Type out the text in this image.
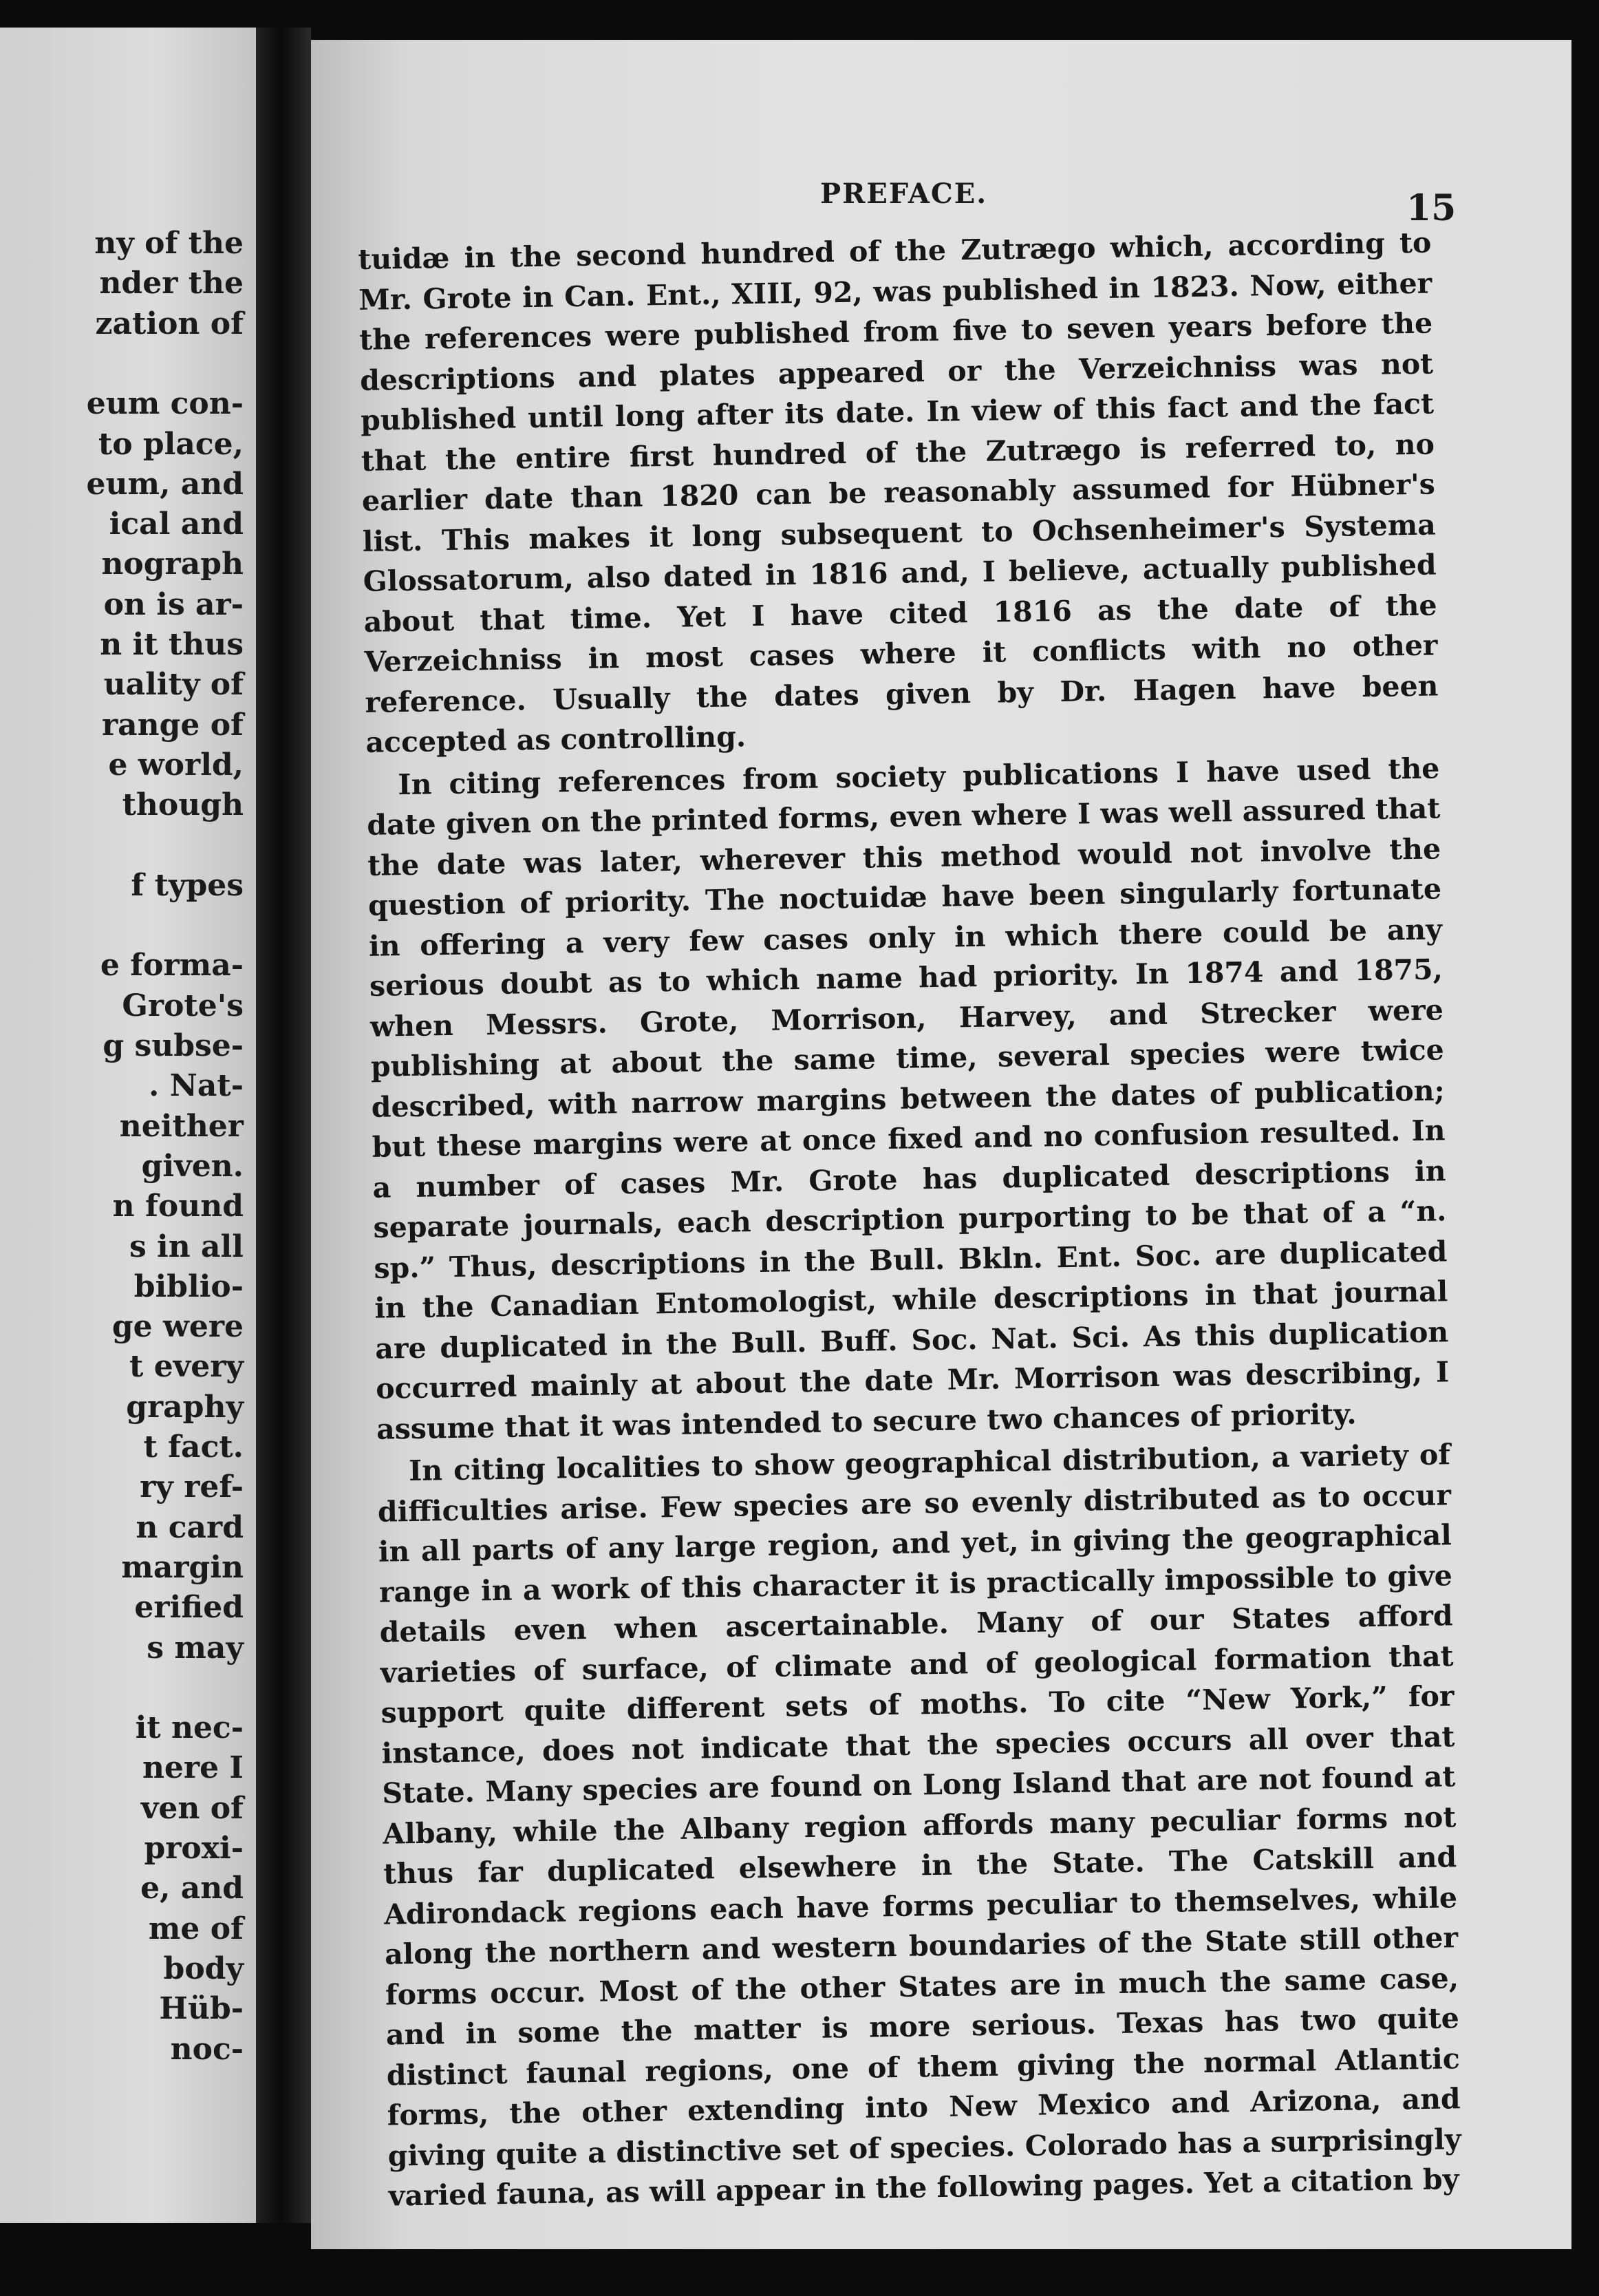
ny of the
nder the
zation of
eum con-
to place,
eum, and
ical and
nograph
on is ar-
n it thus
uality of
range of
e world,
though
f types
e forma-
Grote's
g subse-
. Nat-
neither
given.
n found
s in all
biblio-
ge were
t every
graphy
t fact.
ry ref-
n card
margin
erified
s may
it nec-
nere I
ven of
proxi-
e, and
me of
body
Hüb-
noc-
PREFACE.	15

tuidæ in the second hundred of the Zutrægo which, according to Mr. Grote in Can. Ent., XIII, 92, was published in 1823. Now, either the references were published from five to seven years before the descriptions and plates appeared or the Verzeichniss was not published until long after its date. In view of this fact and the fact that the entire first hundred of the Zutrægo is referred to, no earlier date than 1820 can be reasonably assumed for Hübner's list. This makes it long subsequent to Ochsenheimer's Systema Glossatorum, also dated in 1816 and, I believe, actually published about that time. Yet I have cited 1816 as the date of the Verzeichniss in most cases where it conflicts with no other reference. Usually the dates given by Dr. Hagen have been accepted as controlling.

In citing references from society publications I have used the date given on the printed forms, even where I was well assured that the date was later, wherever this method would not involve the question of priority. The noctuidæ have been singularly fortunate in offering a very few cases only in which there could be any serious doubt as to which name had priority. In 1874 and 1875, when Messrs. Grote, Morrison, Harvey, and Strecker were publishing at about the same time, several species were twice described, with narrow margins between the dates of publication; but these margins were at once fixed and no confusion resulted. In a number of cases Mr. Grote has duplicated descriptions in separate journals, each description purporting to be that of a “n. sp.” Thus, descriptions in the Bull. Bkln. Ent. Soc. are duplicated in the Canadian Entomologist, while descriptions in that journal are duplicated in the Bull. Buff. Soc. Nat. Sci. As this duplication occurred mainly at about the date Mr. Morrison was describing, I assume that it was intended to secure two chances of priority.

In citing localities to show geographical distribution, a variety of difficulties arise. Few species are so evenly distributed as to occur in all parts of any large region, and yet, in giving the geographical range in a work of this character it is practically impossible to give details even when ascertainable. Many of our States afford varieties of surface, of climate and of geological formation that support quite different sets of moths. To cite “New York,” for instance, does not indicate that the species occurs all over that State. Many species are found on Long Island that are not found at Albany, while the Albany region affords many peculiar forms not thus far duplicated elsewhere in the State. The Catskill and Adirondack regions each have forms peculiar to themselves, while along the northern and western boundaries of the State still other forms occur. Most of the other States are in much the same case, and in some the matter is more serious. Texas has two quite distinct faunal regions, one of them giving the normal Atlantic forms, the other extending into New Mexico and Arizona, and giving quite a distinctive set of species. Colorado has a surprisingly varied fauna, as will appear in the following pages. Yet a citation by
